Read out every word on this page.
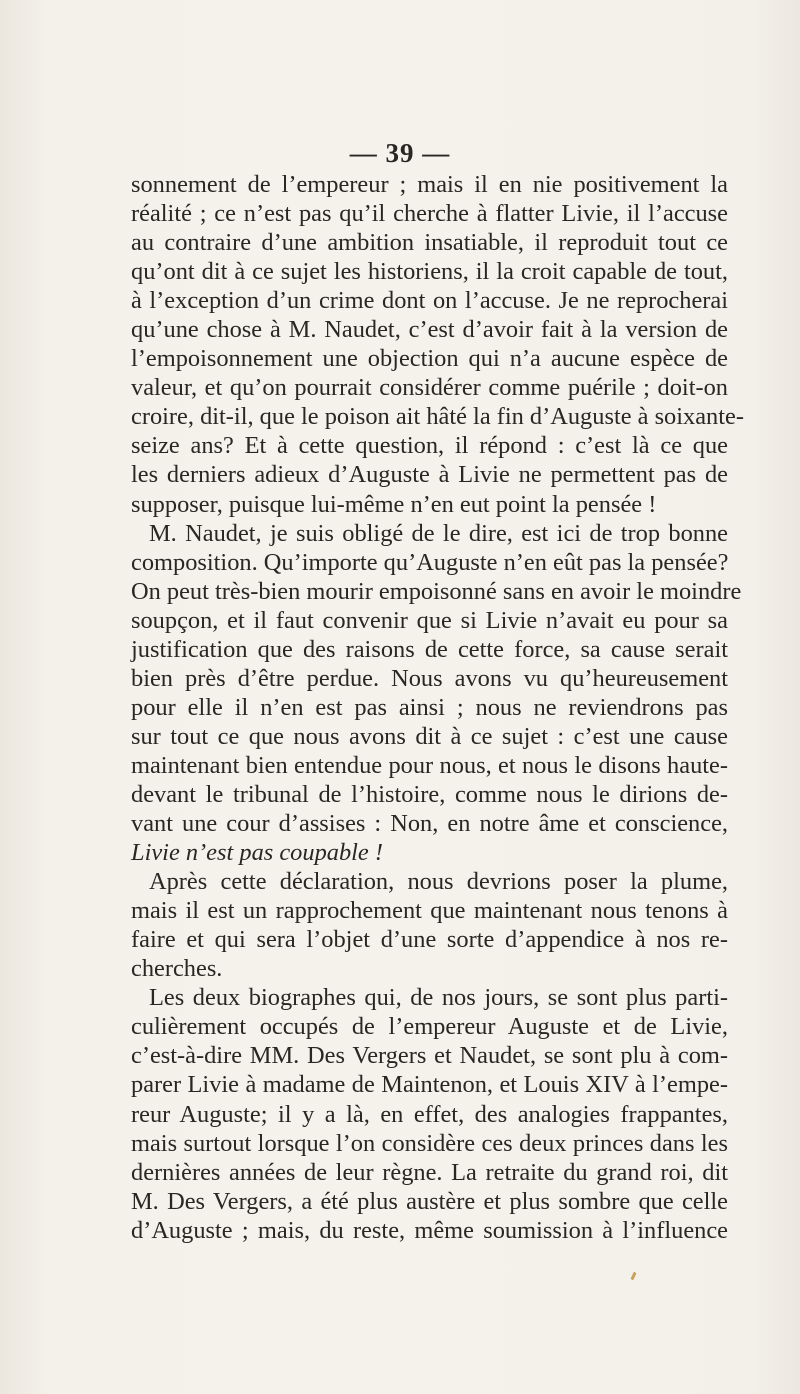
— 39 —
sonnement de l’empereur ; mais il en nie positivement la
réalité ; ce n’est pas qu’il cherche à flatter Livie, il l’accuse
au contraire d’une ambition insatiable, il reproduit tout ce
qu’ont dit à ce sujet les historiens, il la croit capable de tout,
à l’exception d’un crime dont on l’accuse. Je ne reprocherai
qu’une chose à M. Naudet, c’est d’avoir fait à la version de
l’empoisonnement une objection qui n’a aucune espèce de
valeur, et qu’on pourrait considérer comme puérile ; doit-on
croire, dit-il, que le poison ait hâté la fin d’Auguste à soixante-
seize ans? Et à cette question, il répond : c’est là ce que
les derniers adieux d’Auguste à Livie ne permettent pas de
supposer, puisque lui-même n’en eut point la pensée !
M. Naudet, je suis obligé de le dire, est ici de trop bonne
composition. Qu’importe qu’Auguste n’en eût pas la pensée?
On peut très-bien mourir empoisonné sans en avoir le moindre
soupçon, et il faut convenir que si Livie n’avait eu pour sa
justification que des raisons de cette force, sa cause serait
bien près d’être perdue. Nous avons vu qu’heureusement
pour elle il n’en est pas ainsi ; nous ne reviendrons pas
sur tout ce que nous avons dit à ce sujet : c’est une cause
maintenant bien entendue pour nous, et nous le disons haute-
devant le tribunal de l’histoire, comme nous le dirions de-
vant une cour d’assises : Non, en notre âme et conscience,
Livie n’est pas coupable !
Après cette déclaration, nous devrions poser la plume,
mais il est un rapprochement que maintenant nous tenons à
faire et qui sera l’objet d’une sorte d’appendice à nos re-
cherches.
Les deux biographes qui, de nos jours, se sont plus parti-
culièrement occupés de l’empereur Auguste et de Livie,
c’est-à-dire MM. Des Vergers et Naudet, se sont plu à com-
parer Livie à madame de Maintenon, et Louis XIV à l’empe-
reur Auguste; il y a là, en effet, des analogies frappantes,
mais surtout lorsque l’on considère ces deux princes dans les
dernières années de leur règne. La retraite du grand roi, dit
M. Des Vergers, a été plus austère et plus sombre que celle
d’Auguste ; mais, du reste, même soumission à l’influence
